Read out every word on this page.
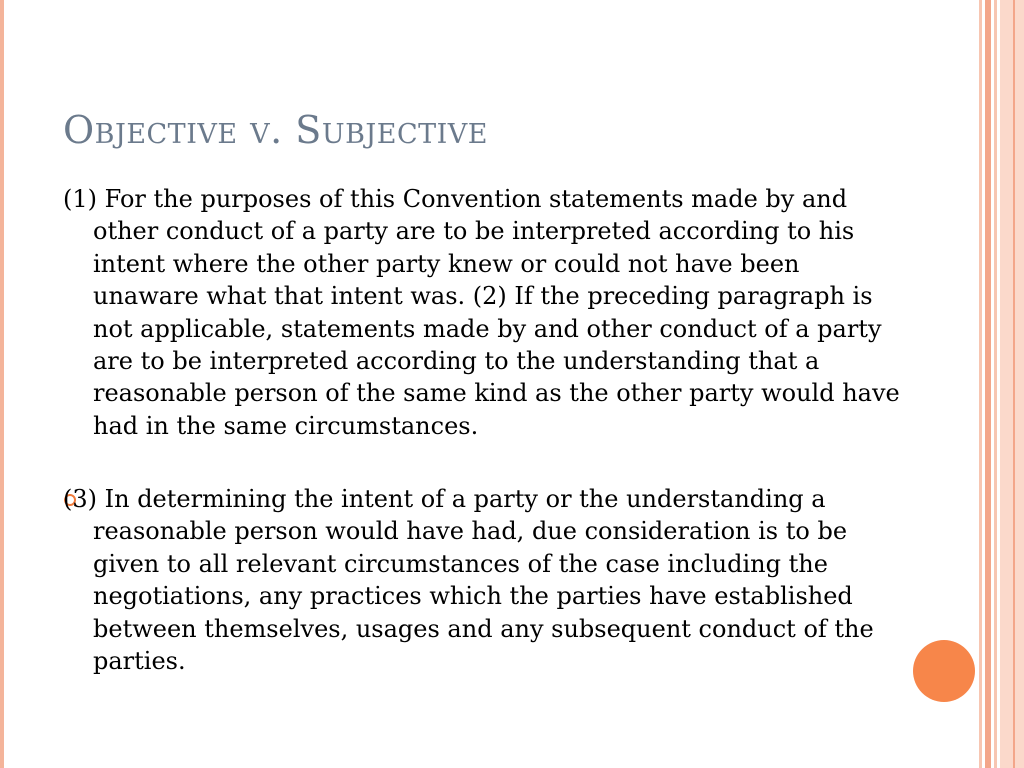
Objective v. Subjective

(1) For the purposes of this Convention statements made by and other conduct of a party are to be interpreted according to his intent where the other party knew or could not have been unaware what that intent was. (2) If the preceding paragraph is not applicable, statements made by and other conduct of a party are to be interpreted according to the understanding that a reasonable person of the same kind as the other party would have had in the same circumstances.

(3) In determining the intent of a party or the understanding a reasonable person would have had, due consideration is to be given to all relevant circumstances of the case including the negotiations, any practices which the parties have established between themselves, usages and any subsequent conduct of the parties.
